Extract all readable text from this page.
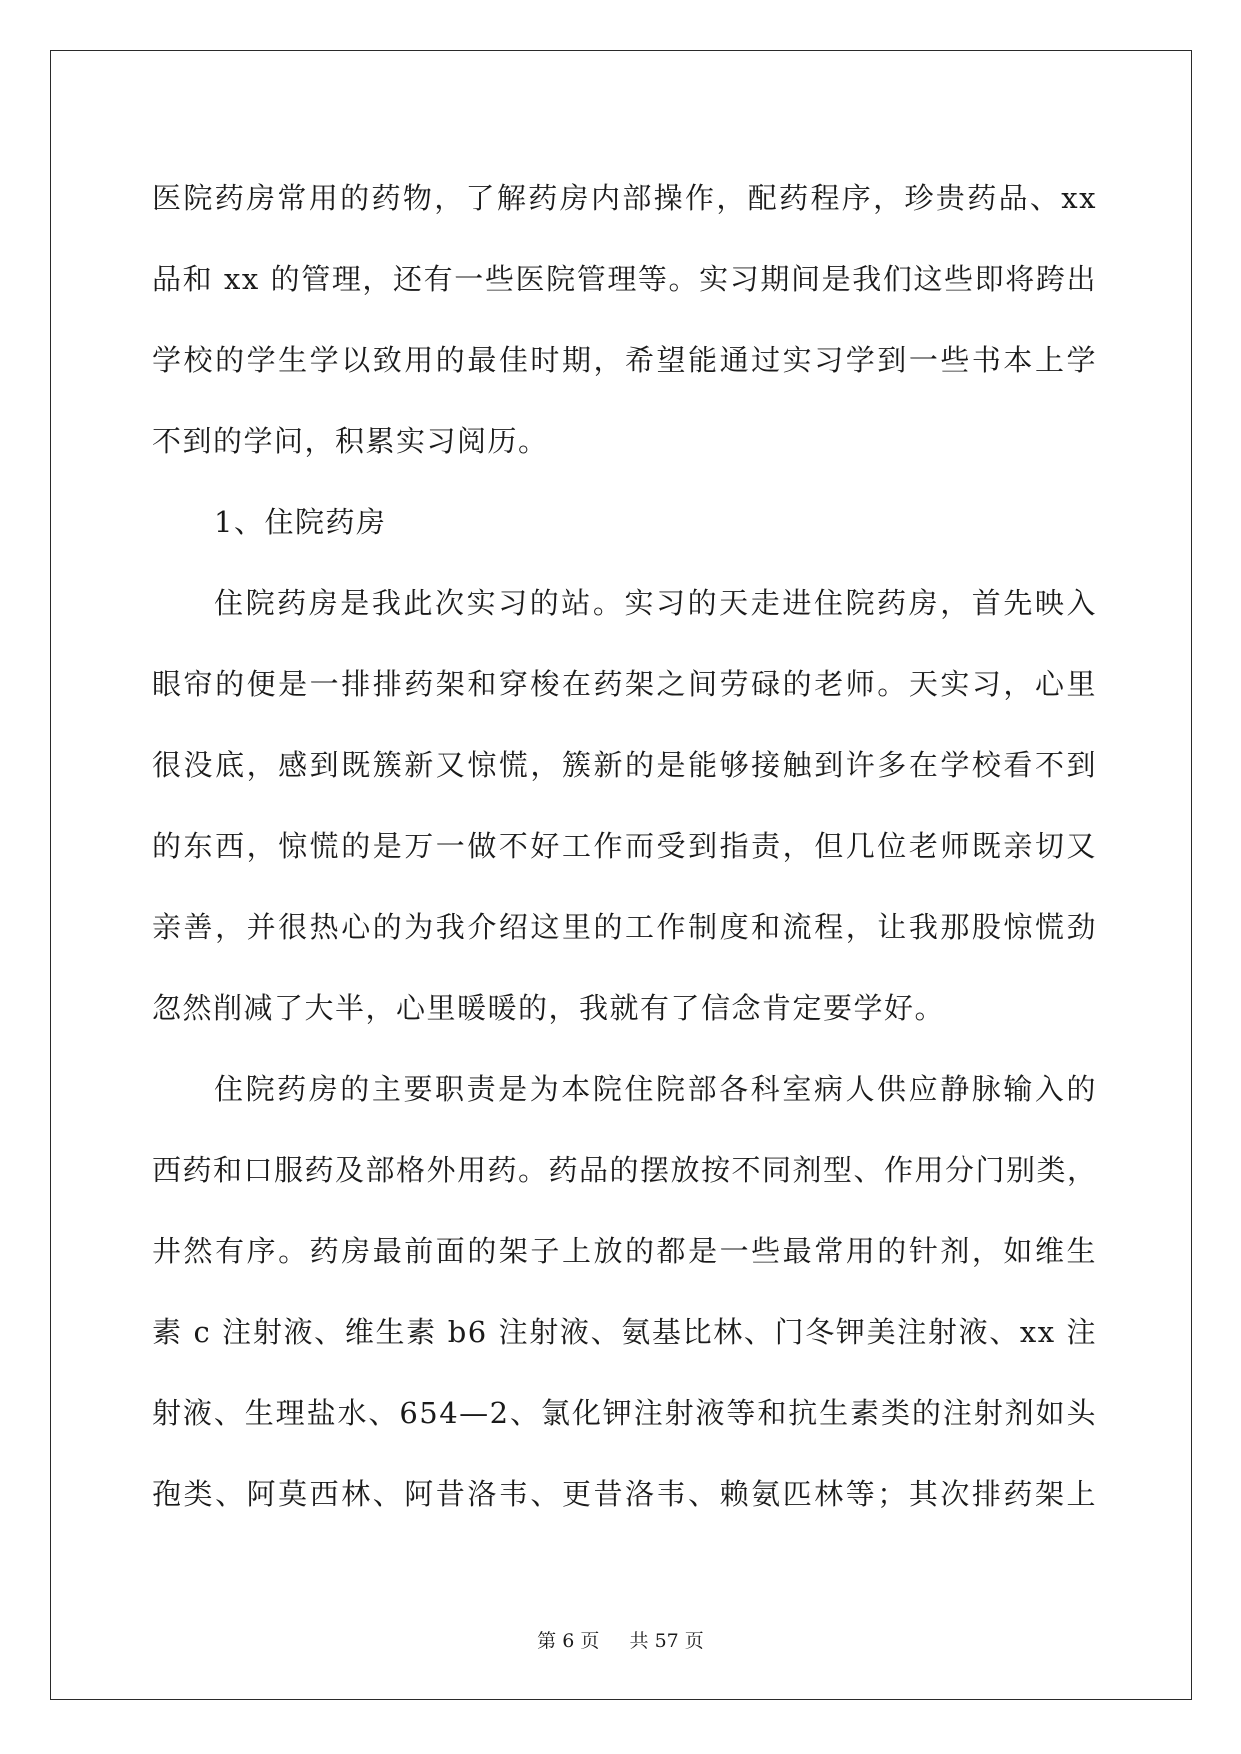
医院药房常用的药物，了解药房内部操作，配药程序，珍贵药品、xx
品和 xx 的管理，还有一些医院管理等。实习期间是我们这些即将跨出
学校的学生学以致用的最佳时期，希望能通过实习学到一些书本上学
不到的学问，积累实习阅历。
1、住院药房
住院药房是我此次实习的站。实习的天走进住院药房，首先映入
眼帘的便是一排排药架和穿梭在药架之间劳碌的老师。天实习，心里
很没底，感到既簇新又惊慌，簇新的是能够接触到许多在学校看不到
的东西，惊慌的是万一做不好工作而受到指责，但几位老师既亲切又
亲善，并很热心的为我介绍这里的工作制度和流程，让我那股惊慌劲
忽然削减了大半，心里暖暖的，我就有了信念肯定要学好。
住院药房的主要职责是为本院住院部各科室病人供应静脉输入的
西药和口服药及部格外用药。药品的摆放按不同剂型、作用分门别类，
井然有序。药房最前面的架子上放的都是一些最常用的针剂，如维生
素 c 注射液、维生素 b6 注射液、氨基比林、门冬钾美注射液、xx 注
射液、生理盐水、654—2、氯化钾注射液等和抗生素类的注射剂如头
孢类、阿莫西林、阿昔洛韦、更昔洛韦、赖氨匹林等；其次排药架上
第 6 页 共 57 页
